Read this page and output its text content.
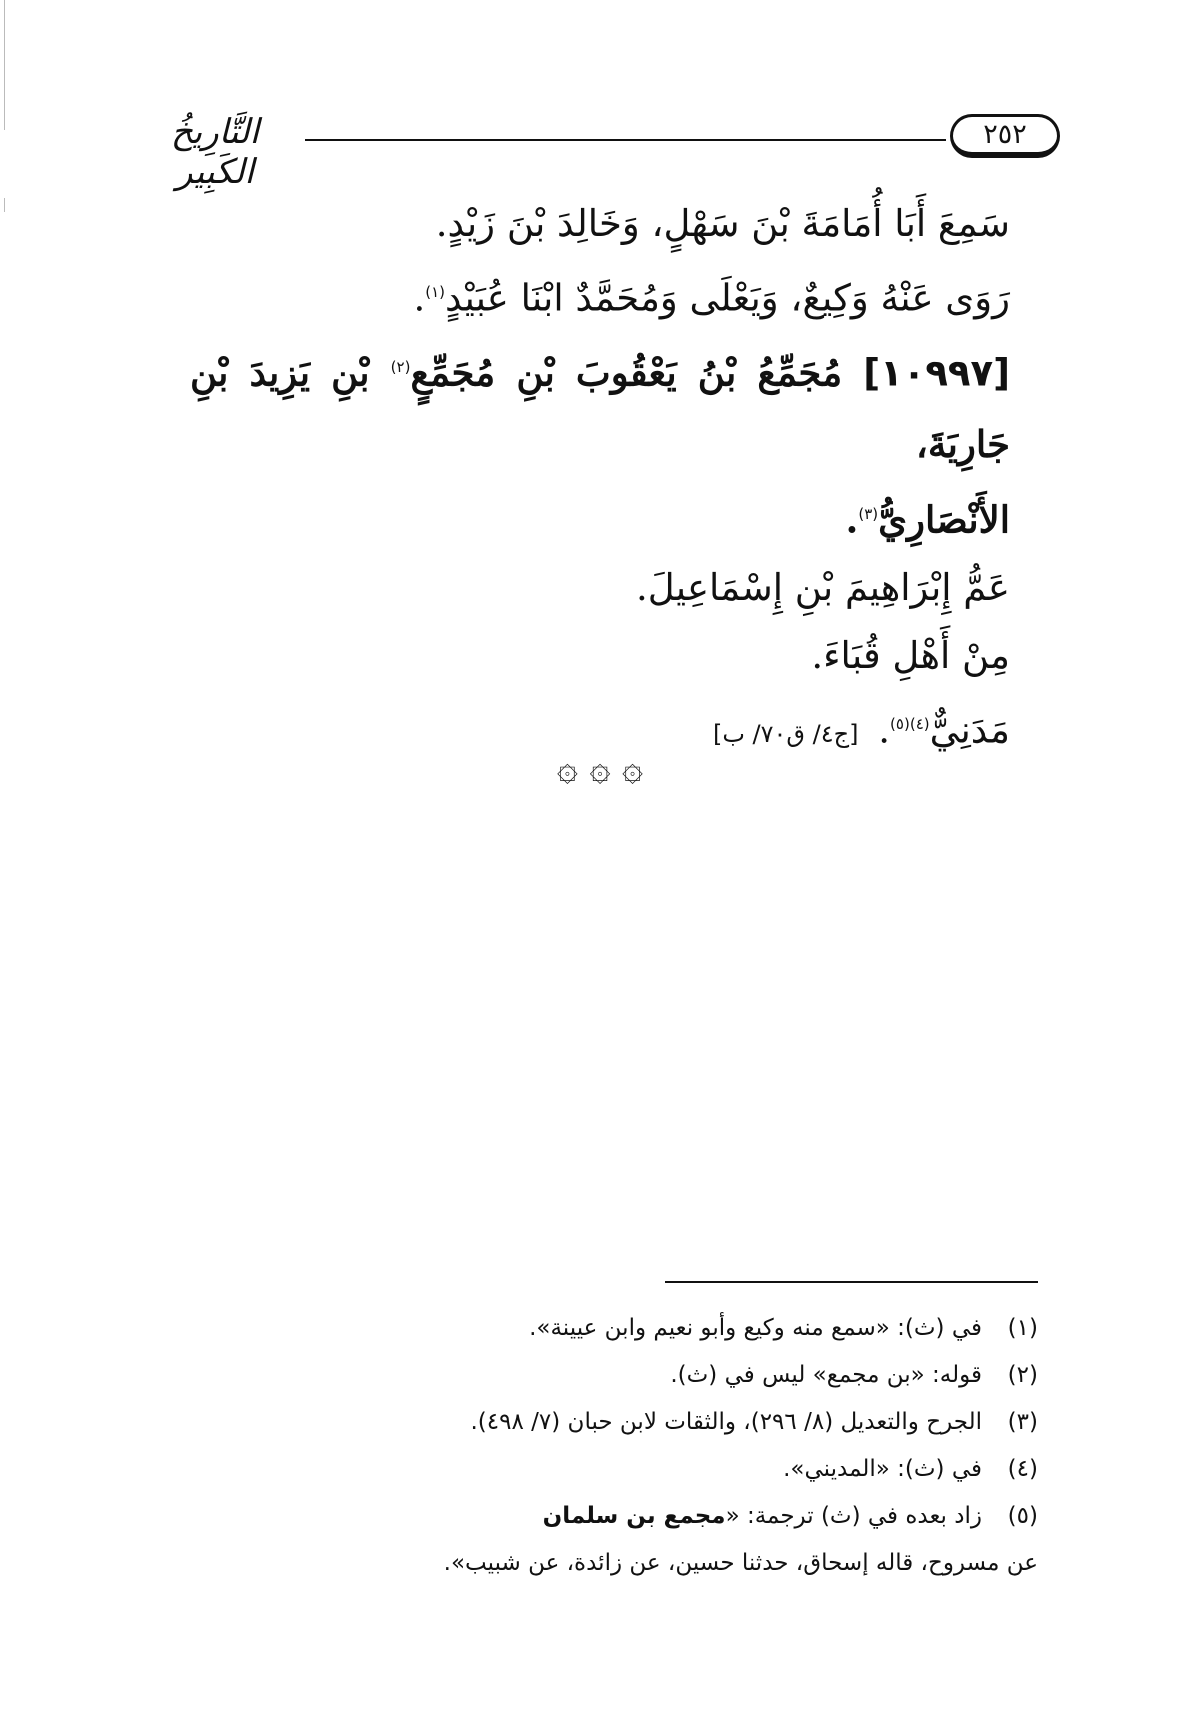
التَّارِيخُ الكَبِير
٢٥٢

سَمِعَ أَبَا أُمَامَةَ بْنَ سَهْلٍ، وَخَالِدَ بْنَ زَيْدٍ.

رَوَى عَنْهُ وَكِيعٌ، وَيَعْلَى وَمُحَمَّدٌ ابْنَا عُبَيْدٍ$^{(١)}$.

[١٠٩٩٧] مُجَمِّعُ بْنُ يَعْقُوبَ بْنِ مُجَمِّعٍ$^{(٢)}$ بْنِ يَزِيدَ بْنِ جَارِيَةَ،
الأَنْصَارِيُّ$^{(٣)}$.

عَمُّ إِبْرَاهِيمَ بْنِ إِسْمَاعِيلَ.

مِنْ أَهْلِ قُبَاءَ.

مَدَنِيٌّ$^{(٤)(٥)}$. [ج٤/ ق٧٠/ ب]

۞ ۞ ۞
(١)
في (ث): «سمع منه وكيع وأبو نعيم وابن عيينة».
(٢)
قوله: «بن مجمع» ليس في (ث).
(٣)
الجرح والتعديل (٨/ ٢٩٦)، والثقات لابن حبان (٧/ ٤٩٨).
(٤)
في (ث): «المديني».
(٥)
زاد بعده في (ث) ترجمة: «مجمع بن سلمان
عن مسروح، قاله إسحاق، حدثنا حسين، عن زائدة، عن شبيب».
